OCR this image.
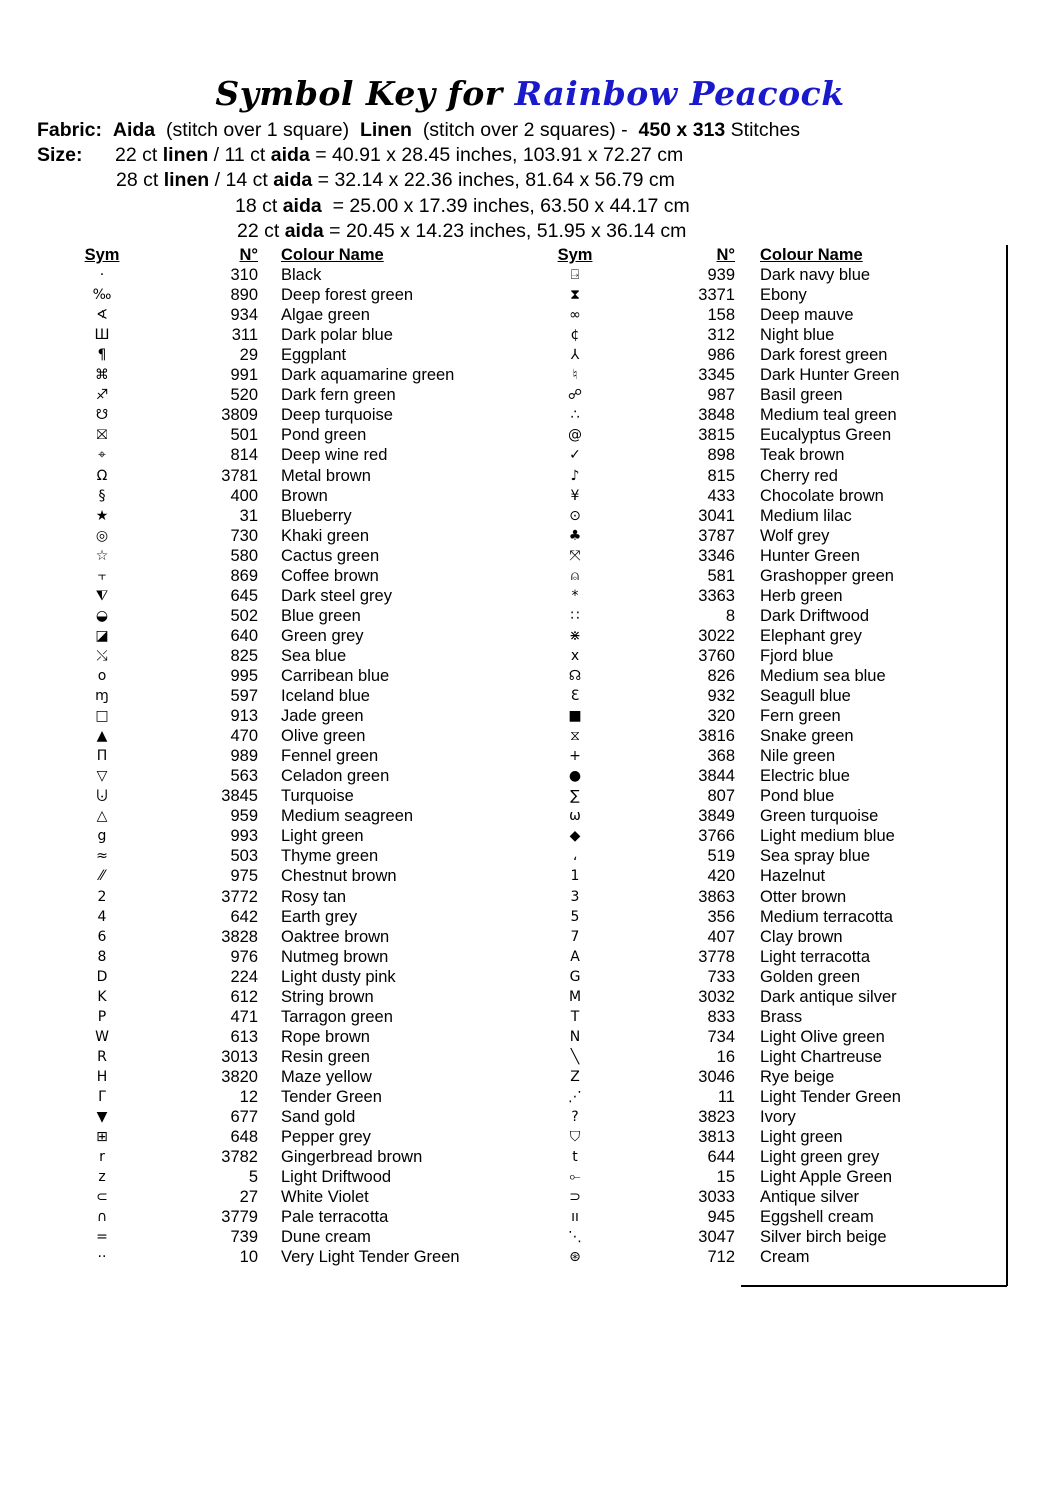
Symbol Key for Rainbow Peacock
Fabric: Aida (stitch over 1 square) Linen (stitch over 2 squares) - 450 x 313 Stitches
Size: 22 ct linen / 11 ct aida = 40.91 x 28.45 inches, 103.91 x 72.27 cm
28 ct linen / 14 ct aida = 32.14 x 22.36 inches, 81.64 x 56.79 cm
18 ct aida  = 25.00 x 17.39 inches, 63.50 x 44.17 cm
22 ct aida = 20.45 x 14.23 inches, 51.95 x 36.14 cm
Sym	N° Colour Name
·	310 Black
‰	890 Deep forest green
∢	934 Algae green
Ш	311 Dark polar blue
¶	29 Eggplant
⌘	991 Dark aquamarine green
♐	520 Dark fern green
☋	3809 Deep turquoise
⛝	501 Pond green
⌖	814 Deep wine red
Ω	3781 Metal brown
§	400 Brown
★	31 Blueberry
◎	730 Khaki green
☆	580 Cactus green
⫟	869 Coffee brown
⧨	645 Dark steel grey
◒	502 Blue green
◪	640 Green grey
⤯	825 Sea blue
o	995 Carribean blue
ɱ	597 Iceland blue
□	913 Jade green
▲	470 Olive green
Π	989 Fennel green
▽	563 Celadon green
⨃	3845 Turquoise
△	959 Medium seagreen
g	993 Light green
≈	503 Thyme green
⁄⁄	975 Chestnut brown
2	3772 Rosy tan
4	642 Earth grey
6	3828 Oaktree brown
8	976 Nutmeg brown
D	224 Light dusty pink
K	612 String brown
P	471 Tarragon green
W	613 Rope brown
R	3013 Resin green
H	3820 Maze yellow
Γ	12 Tender Green
▼	677 Sand gold
⊞	648 Pepper grey
r	3782 Gingerbread brown
z	5 Light Driftwood
⊂	27 White Violet
∩	3779 Pale terracotta
=	739 Dune cream
··	10 Very Light Tender Green
Sym	N° Colour Name
⍈	939 Dark navy blue
⧗	3371 Ebony
∞	158 Deep mauve
¢	312 Night blue
⅄	986 Dark forest green
♮	3345 Dark Hunter Green
☍	987 Basil green
∴	3848 Medium teal green
@	3815 Eucalyptus Green
✓	898 Teak brown
♪	815 Cherry red
¥	433 Chocolate brown
⊙	3041 Medium lilac
♣	3787 Wolf grey
⤧	3346 Hunter Green
⍝	581 Grashopper green
*	3363 Herb green
∷	8 Dark Driftwood
⋇	3022 Elephant grey
x	3760 Fjord blue
☊	826 Medium sea blue
Ɛ	932 Seagull blue
■	320 Fern green
⧖	3816 Snake green
+	368 Nile green
●	3844 Electric blue
∑	807 Pond blue
ω	3849 Green turquoise
◆	3766 Light medium blue
،	519 Sea spray blue
1	420 Hazelnut
3	3863 Otter brown
5	356 Medium terracotta
7	407 Clay brown
A	3778 Light terracotta
G	733 Golden green
M	3032 Dark antique silver
T	833 Brass
N	734 Light Olive green
╲	16 Light Chartreuse
Z	3046 Rye beige
⋰	11 Light Tender Green
?	3823 Ivory
⛉	3813 Light green
t	644 Light green grey
⟜	15 Light Apple Green
⊃	3033 Antique silver
ıı	945 Eggshell cream
⋱	3047 Silver birch beige
⊛	712 Cream
